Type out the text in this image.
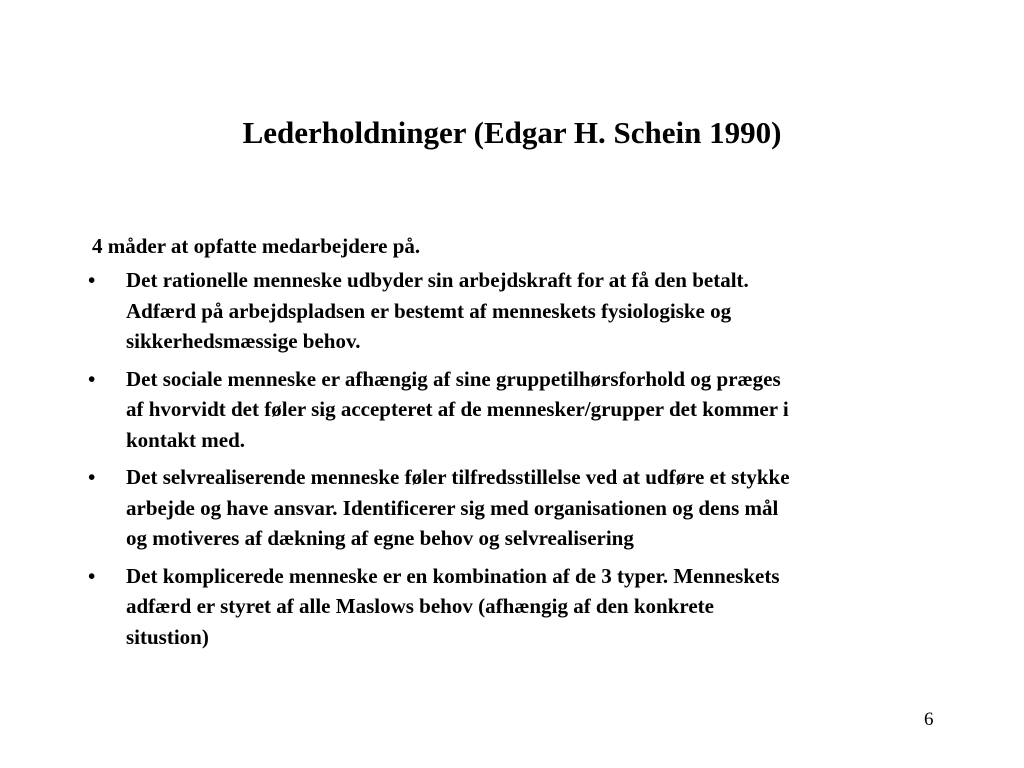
Lederholdninger (Edgar H. Schein 1990)
4 måder at opfatte medarbejdere på.
•	Det rationelle menneske udbyder sin arbejdskraft for at få den betalt.
Adfærd på arbejdspladsen er bestemt af menneskets fysiologiske og
sikkerhedsmæssige behov.
•	Det sociale menneske er afhængig af sine gruppetilhørsforhold og præges
af hvorvidt det føler sig accepteret af de mennesker/grupper det kommer i
kontakt med.
•	Det selvrealiserende menneske føler tilfredsstillelse ved at udføre et stykke
arbejde og have ansvar. Identificerer sig med organisationen og dens mål
og motiveres af dækning af egne behov og selvrealisering
•	Det komplicerede menneske er en kombination af de 3 typer. Menneskets
adfærd er styret af alle Maslows behov (afhængig af den konkrete
situstion)
6
